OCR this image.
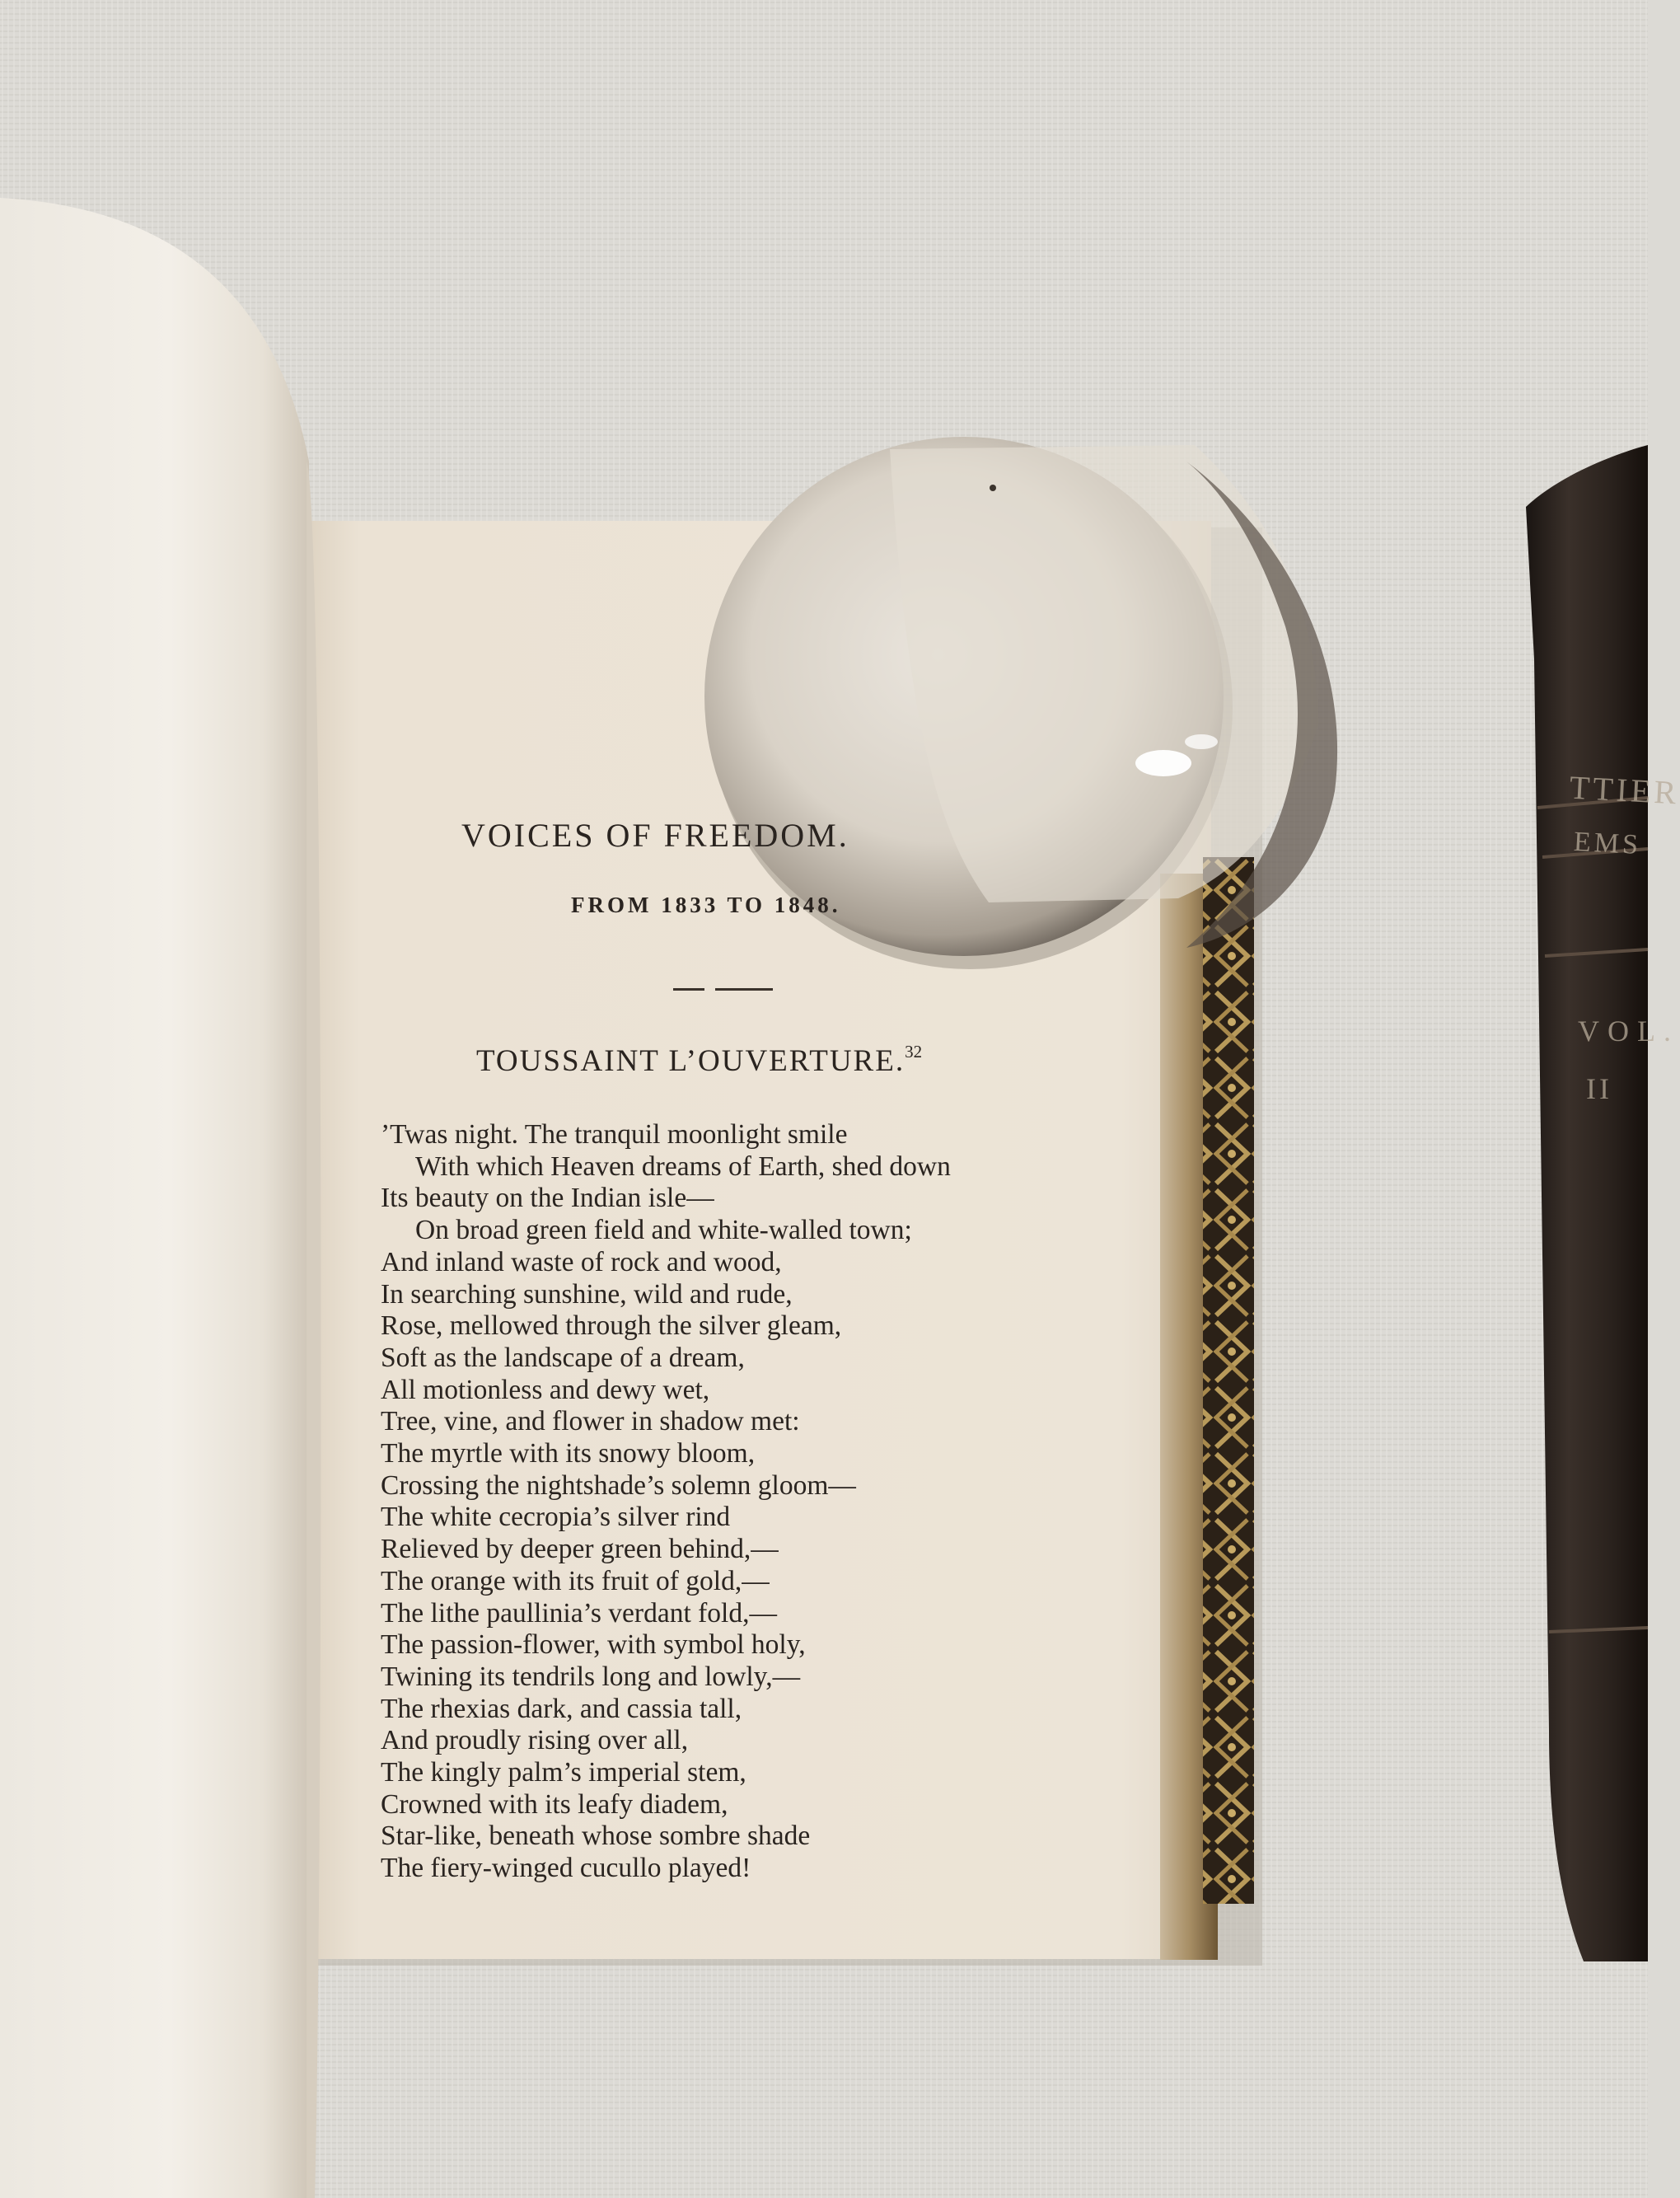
VOICES OF FREEDOM.
FROM 1833 TO 1848.
TOUSSAINT L’OUVERTURE.$^{32}$
’Twas night. The tranquil moonlight smile
With which Heaven dreams of Earth, shed down
Its beauty on the Indian isle—
On broad green field and white-walled town;
And inland waste of rock and wood,
In searching sunshine, wild and rude,
Rose, mellowed through the silver gleam,
Soft as the landscape of a dream,
All motionless and dewy wet,
Tree, vine, and flower in shadow met:
The myrtle with its snowy bloom,
Crossing the nightshade’s solemn gloom—
The white cecropia’s silver rind
Relieved by deeper green behind,—
The orange with its fruit of gold,—
The lithe paullinia’s verdant fold,—
The passion-flower, with symbol holy,
Twining its tendrils long and lowly,—
The rhexias dark, and cassia tall,
And proudly rising over all,
The kingly palm’s imperial stem,
Crowned with its leafy diadem,
Star-like, beneath whose sombre shade
The fiery-winged cucullo played!
TTIER
EMS
VOL.
II
